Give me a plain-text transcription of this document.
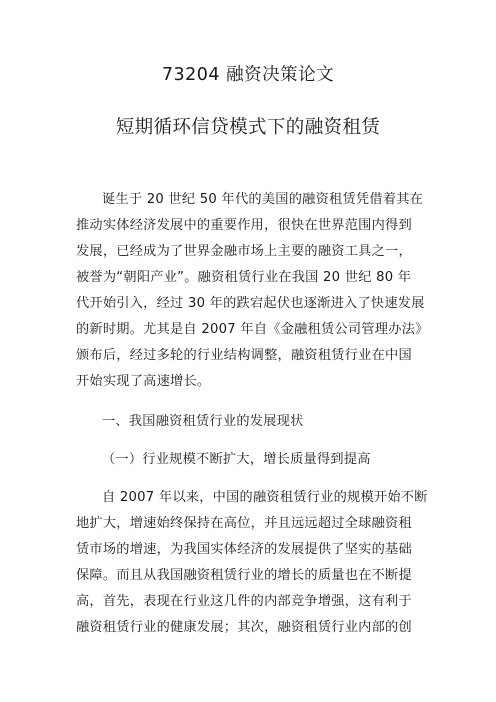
73204 融资决策论文
短期循环信贷模式下的融资租赁
诞生于 20 世纪 50 年代的美国的融资租赁凭借着其在
推动实体经济发展中的重要作用，很快在世界范围内得到
发展，已经成为了世界金融市场上主要的融资工具之一，
被誉为“朝阳产业”。融资租赁行业在我国 20 世纪 80 年
代开始引入，经过 30 年的跌宕起伏也逐渐进入了快速发展
的新时期。尤其是自 2007 年自《金融租赁公司管理办法》
颁布后，经过多轮的行业结构调整，融资租赁行业在中国
开始实现了高速增长。
一、我国融资租赁行业的发展现状
（一）行业规模不断扩大，增长质量得到提高
自 2007 年以来，中国的融资租赁行业的规模开始不断
地扩大，增速始终保持在高位，并且远远超过全球融资租
赁市场的增速，为我国实体经济的发展提供了坚实的基础
保障。而且从我国融资租赁行业的增长的质量也在不断提
高，首先，表现在行业这几件的内部竞争增强，这有利于
融资租赁行业的健康发展；其次，融资租赁行业内部的创
